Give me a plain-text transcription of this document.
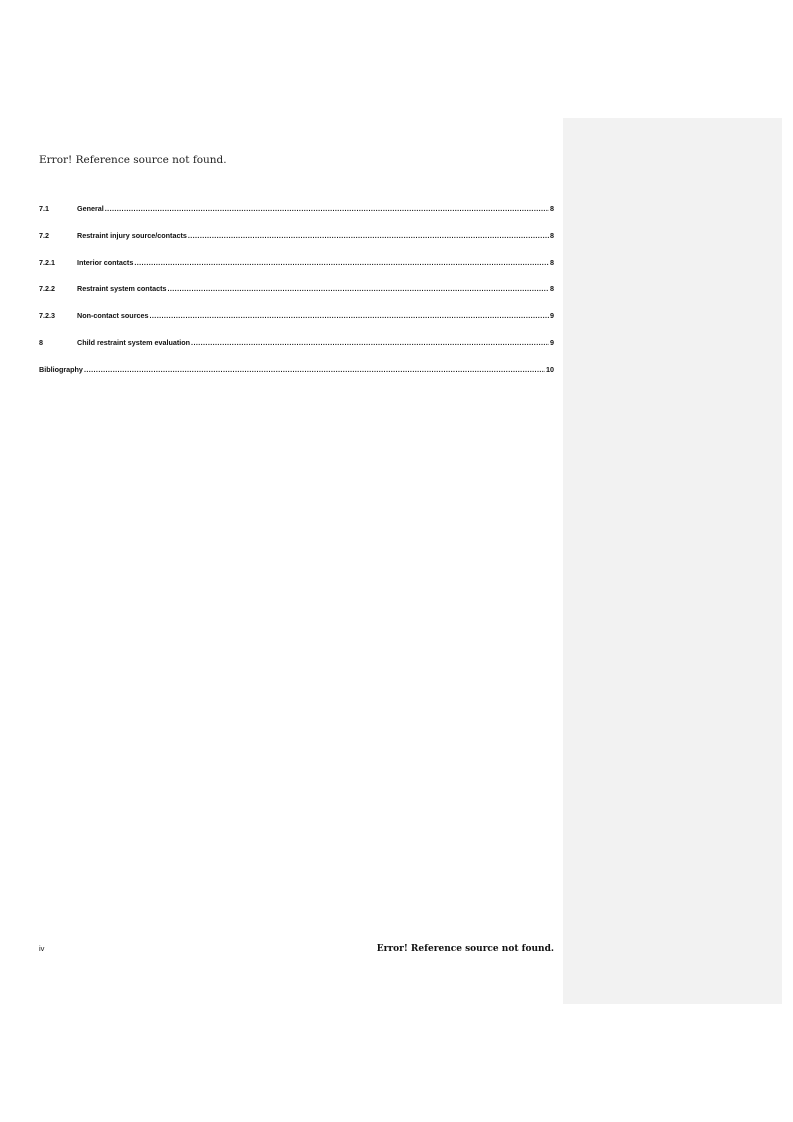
Error! Reference source not found.
7.1	General .....	8
7.2	Restraint injury source/contacts .....	8
7.2.1	Interior contacts .....	8
7.2.2	Restraint system contacts .....	8
7.2.3	Non-contact sources .....	9
8	Child restraint system evaluation .....	9
Bibliography .....	10
iv	Error! Reference source not found.
